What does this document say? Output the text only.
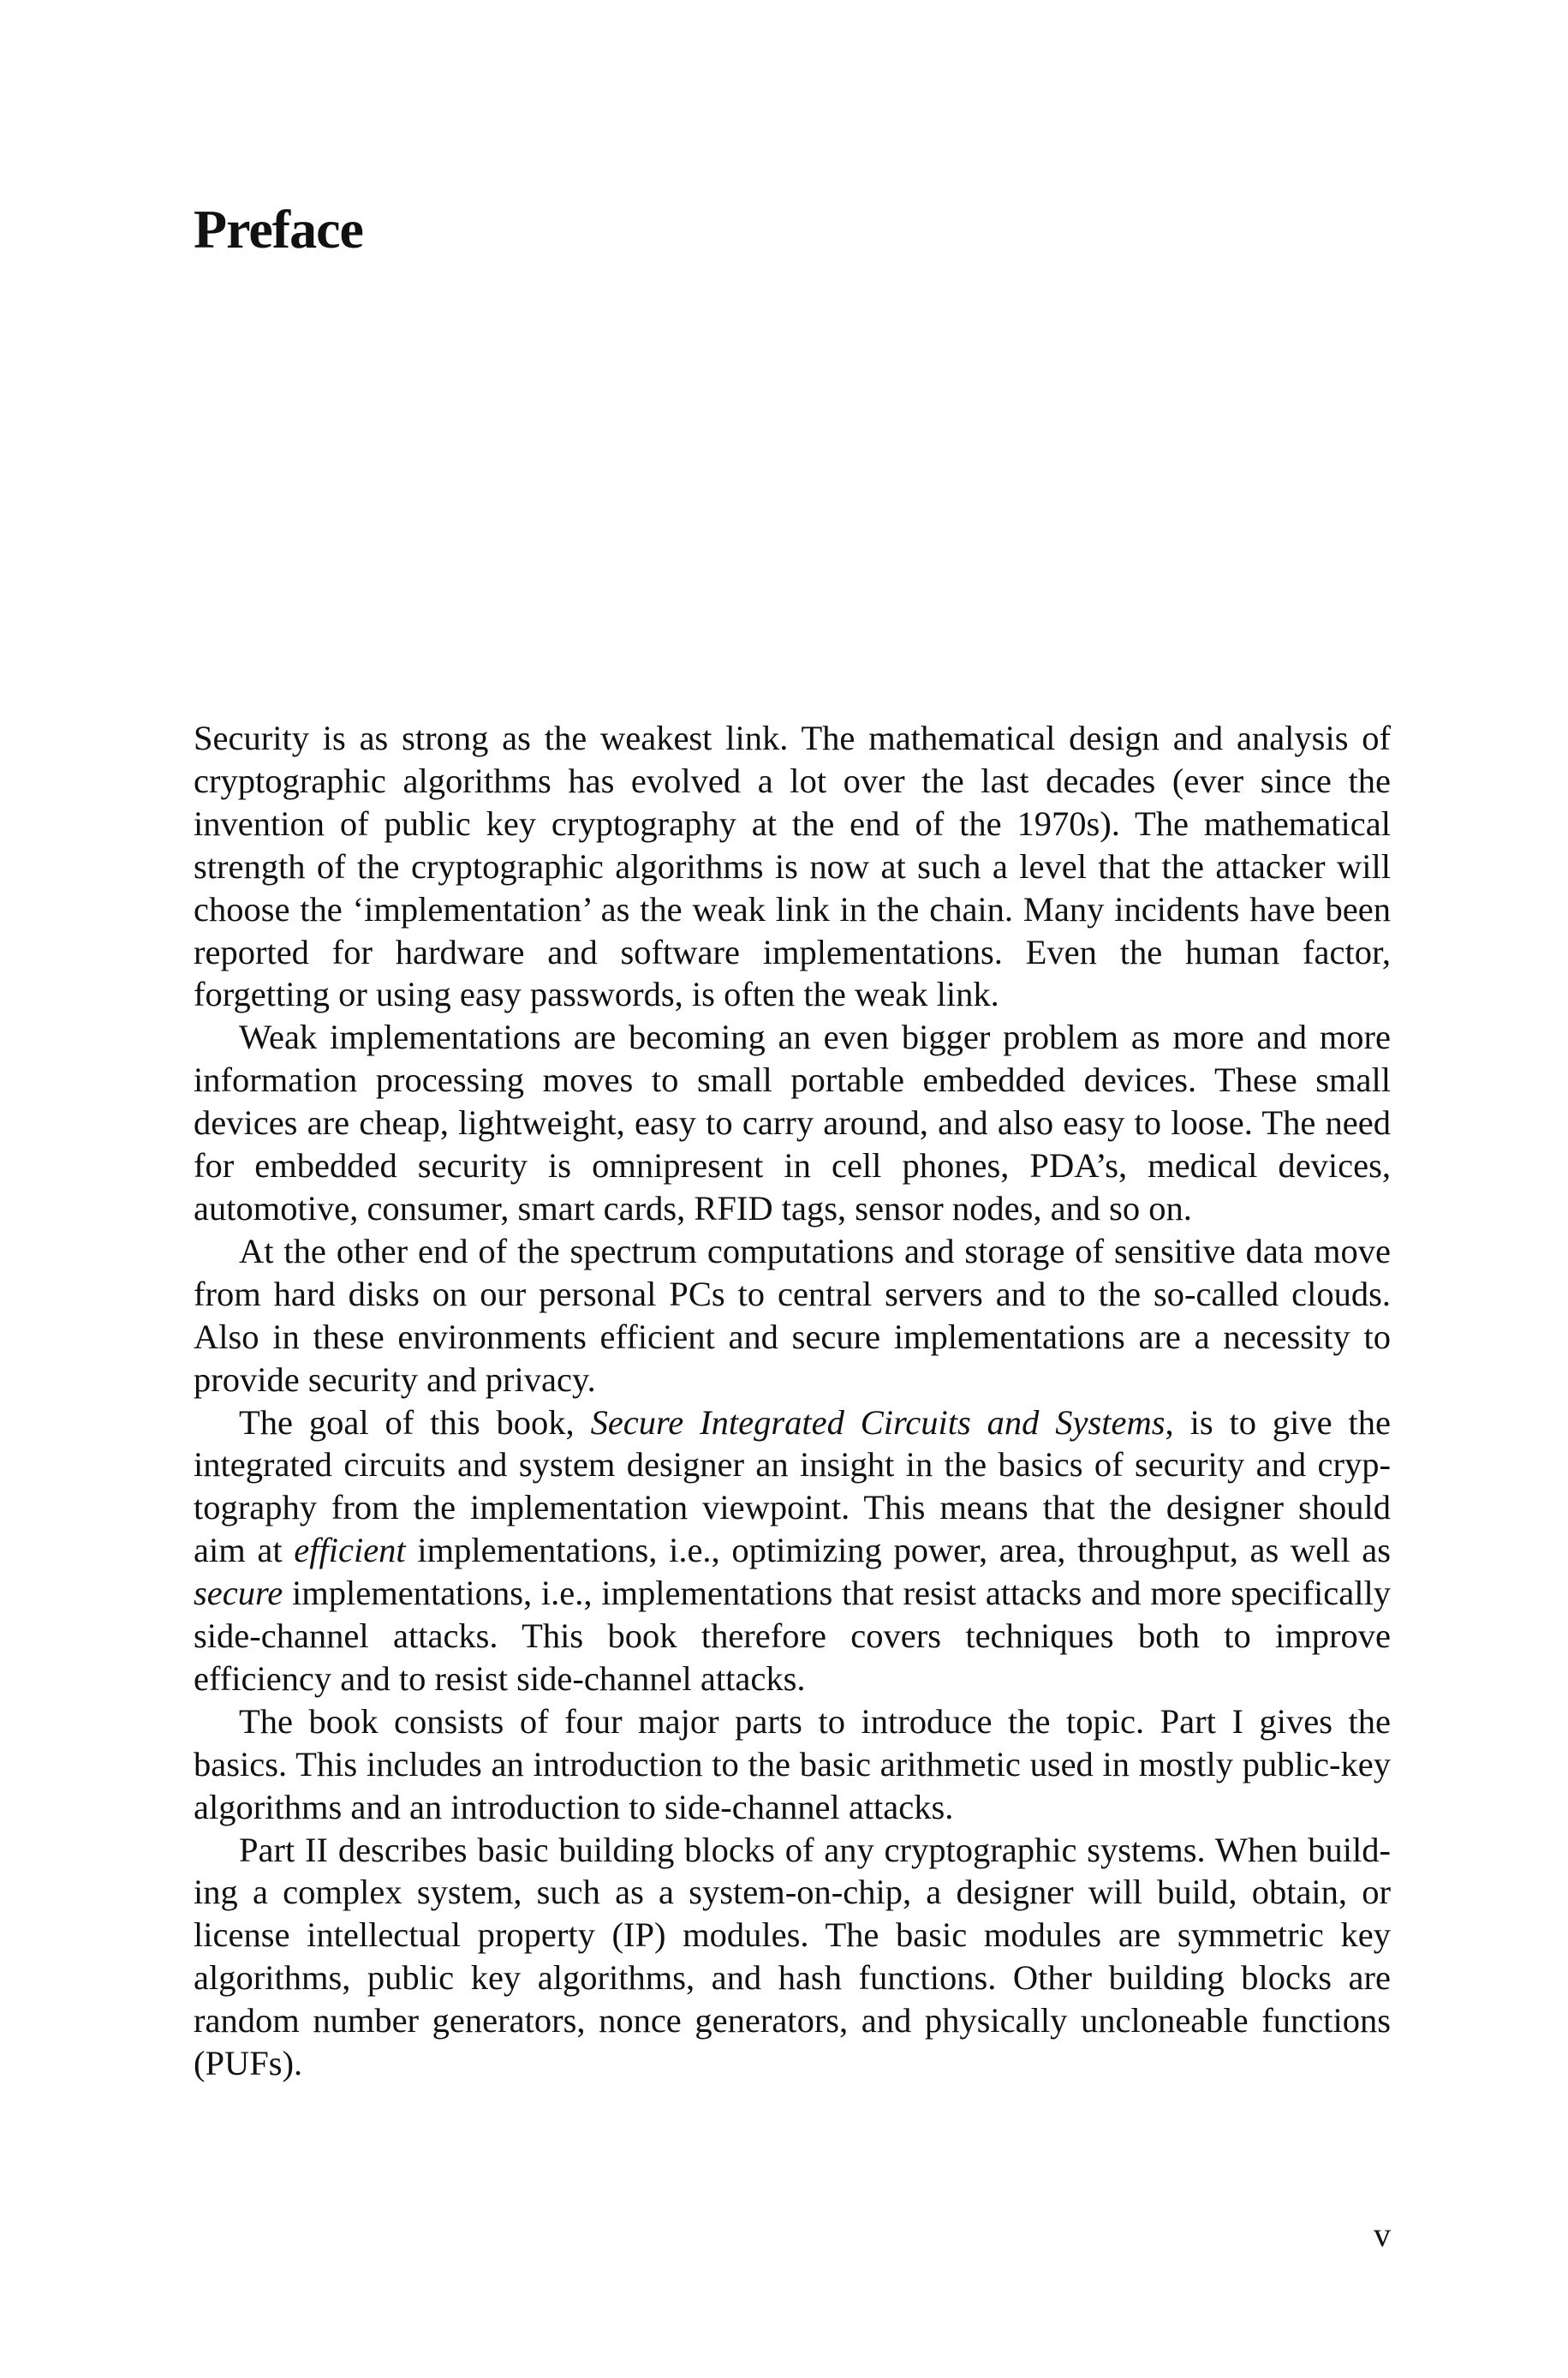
Preface

Security is as strong as the weakest link. The mathematical design and analysis of cryptographic algorithms has evolved a lot over the last decades (ever since the invention of public key cryptography at the end of the 1970s). The mathematical strength of the cryptographic algorithms is now at such a level that the attacker will choose the ‘implementation’ as the weak link in the chain. Many incidents have been reported for hardware and software implementations. Even the human factor, forgetting or using easy passwords, is often the weak link.

Weak implementations are becoming an even bigger problem as more and more information processing moves to small portable embedded devices. These small devices are cheap, lightweight, easy to carry around, and also easy to loose. The need for embedded security is omnipresent in cell phones, PDA’s, medical devices, automotive, consumer, smart cards, RFID tags, sensor nodes, and so on.

At the other end of the spectrum computations and storage of sensitive data move from hard disks on our personal PCs to central servers and to the so-called clouds. Also in these environments efficient and secure implementations are a necessity to provide security and privacy.

The goal of this book, Secure Integrated Circuits and Systems, is to give the integrated circuits and system designer an insight in the basics of security and cryptography from the implementation viewpoint. This means that the designer should aim at efficient implementations, i.e., optimizing power, area, throughput, as well as secure implementations, i.e., implementations that resist attacks and more specifically side-channel attacks. This book therefore covers techniques both to improve efficiency and to resist side-channel attacks.

The book consists of four major parts to introduce the topic. Part I gives the basics. This includes an introduction to the basic arithmetic used in mostly public-key algorithms and an introduction to side-channel attacks.

Part II describes basic building blocks of any cryptographic systems. When building a complex system, such as a system-on-chip, a designer will build, obtain, or license intellectual property (IP) modules. The basic modules are symmetric key algorithms, public key algorithms, and hash functions. Other building blocks are random number generators, nonce generators, and physically uncloneable functions (PUFs).

v
